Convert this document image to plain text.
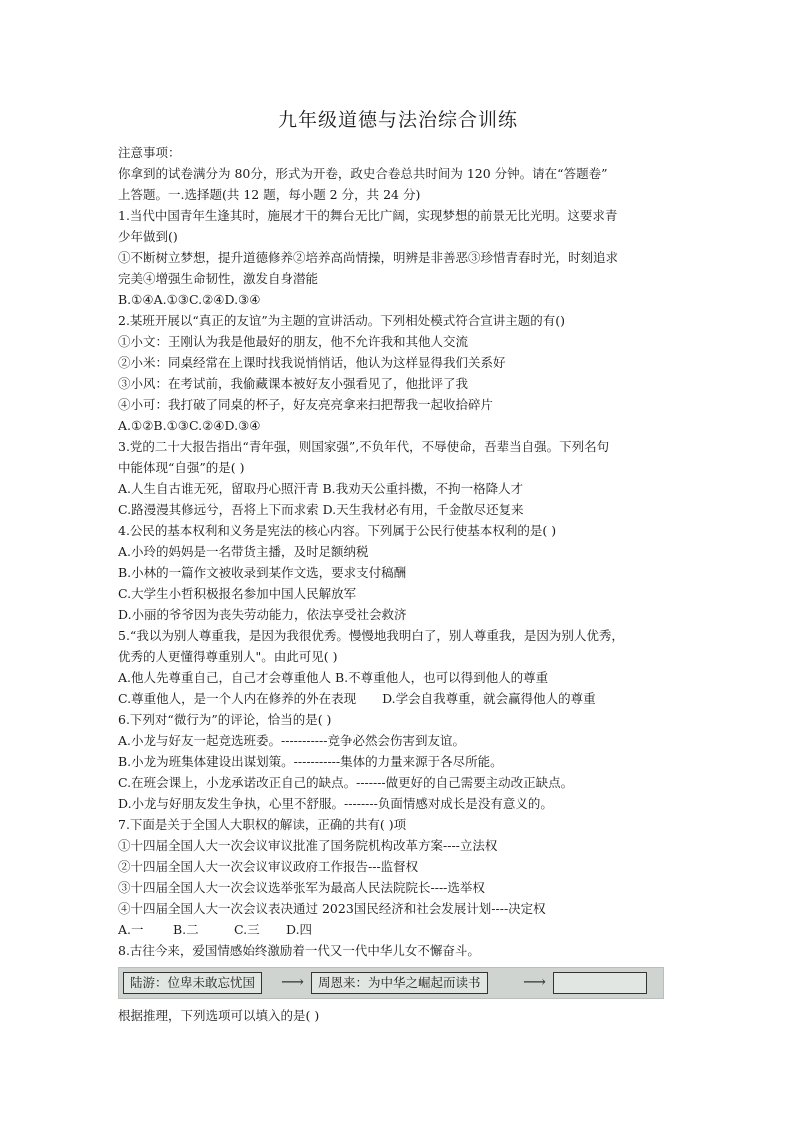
九年级道德与法治综合训练
注意事项：
你拿到的试卷满分为 80分，形式为开卷，政史合卷总共时间为 120 分钟。请在“答题卷”
上答题。一.选择题(共 12 题，每小题 2 分，共 24 分)
1.当代中国青年生逢其时，施展才干的舞台无比广阔，实现梦想的前景无比光明。这要求青
少年做到()
①不断树立梦想，提升道德修养②培养高尚情操，明辨是非善恶③珍惜青春时光，时刻追求
完美④增强生命韧性，激发自身潜能
B.①④A.①③C.②④D.③④
2.某班开展以“真正的友谊”为主题的宣讲活动。下列相处模式符合宣讲主题的有()
①小文：王刚认为我是他最好的朋友，他不允许我和其他人交流
②小米：同桌经常在上课时找我说悄悄话，他认为这样显得我们关系好
③小风：在考试前，我偷藏课本被好友小强看见了，他批评了我
④小可：我打破了同桌的杯子，好友亮亮拿来扫把帮我一起收拾碎片
A.①②B.①③C.②④D.③④
3.党的二十大报告指出“青年强，则国家强”,不负年代，不辱使命，吾辈当自强。下列名句
中能体现“自强”的是( )
A.人生自古谁无死，留取丹心照汗青 B.我劝天公重抖擞，不拘一格降人才
C.路漫漫其修远兮，吾将上下而求索 D.天生我材必有用，千金散尽还复来
4.公民的基本权利和义务是宪法的核心内容。下列属于公民行使基本权利的是( )
A.小玲的妈妈是一名带货主播，及时足额纳税
B.小林的一篇作文被收录到某作文选，要求支付稿酬
C.大学生小哲积极报名参加中国人民解放军
D.小丽的爷爷因为丧失劳动能力，依法享受社会救济
5.“我以为别人尊重我，是因为我很优秀。慢慢地我明白了，别人尊重我，是因为别人优秀，
优秀的人更懂得尊重别人"。由此可见( )
A.他人先尊重自己，自己才会尊重他人 B.不尊重他人，也可以得到他人的尊重
C.尊重他人，是一个人内在修养的外在表现 D.学会自我尊重，就会赢得他人的尊重
6.下列对“微行为”的评论，恰当的是( )
A.小龙与好友一起竞选班委。-----------竞争必然会伤害到友谊。
B.小龙为班集体建设出谋划策。-----------集体的力量来源于各尽所能。
C.在班会课上，小龙承诺改正自己的缺点。-------做更好的自己需要主动改正缺点。
D.小龙与好朋友发生争执，心里不舒服。--------负面情感对成长是没有意义的。
7.下面是关于全国人大职权的解读，正确的共有( )项
①十四届全国人大一次会议审议批准了国务院机构改革方案----立法权
②十四届全国人大一次会议审议政府工作报告---监督权
③十四届全国人大一次会议选举张军为最高人民法院院长----选举权
④十四届全国人大一次会议表决通过 2023国民经济和社会发展计划----决定权
A.一 B.二	C.三 D.四
8.古往今来，爱国情感始终激励着一代又一代中华儿女不懈奋斗。
陆游：位卑未敢忘忧国	⟶	周恩来：为中华之崛起而读书	⟶
根据推理，下列选项可以填入的是( )
